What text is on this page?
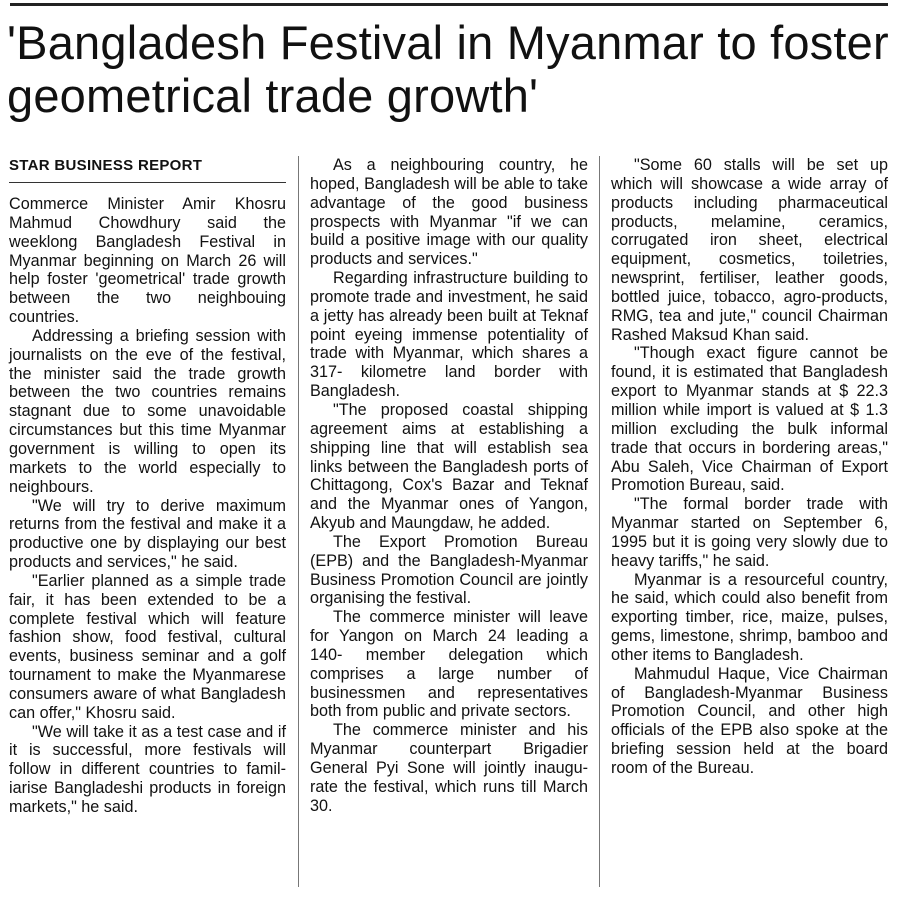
'Bangladesh Festival in Myanmar to foster geometrical trade growth'
STAR BUSINESS REPORT

Commerce Minister Amir Khosru Mahmud Chowdhury said the weeklong Bangladesh Festival in Myanmar beginning on March 26 will help foster 'geometrical' trade growth between the two neighbouing countries.

Addressing a briefing session with journalists on the eve of the festival, the minister said the trade growth between the two countries remains stagnant due to some unavoidable circumstances but this time Myanmar government is willing to open its markets to the world especially to neighbours.

"We will try to derive maximum returns from the festival and make it a productive one by displaying our best products and services," he said.

"Earlier planned as a simple trade fair, it has been extended to be a complete festival which will feature fashion show, food festival, cultural events, business seminar and a golf tournament to make the Myanmarese consumers aware of what Bangladesh can offer," Khosru said.

"We will take it as a test case and if it is successful, more festivals will follow in different countries to familiarise Bangladeshi products in foreign markets," he said.

As a neighbouring country, he hoped, Bangladesh will be able to take advantage of the good business prospects with Myanmar "if we can build a positive image with our quality products and services."

Regarding infrastructure building to promote trade and investment, he said a jetty has already been built at Teknaf point eyeing immense potentiality of trade with Myanmar, which shares a 317- kilometre land border with Bangladesh.

"The proposed coastal shipping agreement aims at establishing a shipping line that will establish sea links between the Bangladesh ports of Chittagong, Cox's Bazar and Teknaf and the Myanmar ones of Yangon, Akyub and Maungdaw, he added.

The Export Promotion Bureau (EPB) and the Bangladesh-Myanmar Business Promotion Council are jointly organising the festival.

The commerce minister will leave for Yangon on March 24 leading a 140- member delegation which comprises a large number of businessmen and representatives both from public and private sectors.

The commerce minister and his Myanmar counterpart Brigadier General Pyi Sone will jointly inaugurate the festival, which runs till March 30.

"Some 60 stalls will be set up which will showcase a wide array of products including pharmaceutical products, melamine, ceramics, corrugated iron sheet, electrical equipment, cosmetics, toiletries, newsprint, fertiliser, leather goods, bottled juice, tobacco, agro-products, RMG, tea and jute," council Chairman Rashed Maksud Khan said.

"Though exact figure cannot be found, it is estimated that Bangladesh export to Myanmar stands at $ 22.3 million while import is valued at $ 1.3 million excluding the bulk informal trade that occurs in bordering areas," Abu Saleh, Vice Chairman of Export Promotion Bureau, said.

"The formal border trade with Myanmar started on September 6, 1995 but it is going very slowly due to heavy tariffs," he said.

Myanmar is a resourceful country, he said, which could also benefit from exporting timber, rice, maize, pulses, gems, limestone, shrimp, bamboo and other items to Bangladesh.

Mahmudul Haque, Vice Chairman of Bangladesh-Myanmar Business Promotion Council, and other high officials of the EPB also spoke at the briefing session held at the board room of the Bureau.
